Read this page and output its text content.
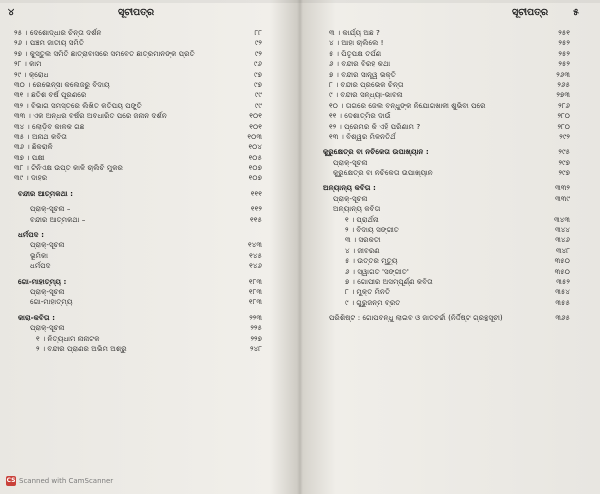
୪	ସୂଚୀପତ୍ର
୨୫ । ଦେଶୋଦ୍ଧାର ଚିନ୍ତା ଦର୍ଶନ	୮୮
୨୬ । ପଞ୍ଚମ ଜାତୀୟ ସମିତି	୯୨
୨୭ । କୁସ୍ତୁଲ ସମିତି ଛାତ୍ରାବାସରେ ସମବେତ ଛାତ୍ରମାନଙ୍କ ପ୍ରତି	୯୨
୨୮ । କାମ	୯୬
୨୯ । କ୍ରୋଧ	୯୭
୩୦ । ରେଭେନ୍ସା କଲେଜରୁ ବିଦାୟ	୯୭
୩୧ । ଛତିଶ ବର୍ଷ ପୂରଣରେ	୯୯
୩୨ । ବିଭାଗ ସମସ୍ତରେ ଲିଖିତ କତିପୟ ପଙ୍କ୍ତି	୯୯
୩୩ । ଏକ ଅନ୍ଧର ବର୍ଷର ଅବଧାରିତ ପରେ ଜନାନ ଦର୍ଶନ	୧୦୧
୩୪ । ଲୋଡ଼ିବ କାଳକ ଗଛ	୧୦୧
୩୫ । ଅନାଥ କବିତା	୧୦୩
୩୬ । ଛିକରାଳି	୧୦୪
୩୭ । ପକ୍ଷୀ	୧୦୫
୩୮ । ଟିନିଏକ୍ଷ ଉପ୍ତ କାଳି ଚାଲିଚି ମୁକର	୧୦୭
୩୯ । ଦାହର	୧୦୭
ବନ୍ଦୀର ଆତ୍ମକଥା :	୧୧୧
ପ୍ରାକ୍-ସୂଚନା –	୧୧୨
ବନ୍ଦୀର ଆତ୍ମକଥା –	୧୧୫
ଧର୍ମପଦ :
ପ୍ରାକ୍-ସୂଚନା	୧୪୩
ଭୂମିକା	୧୪୫
ଧର୍ମପଦ	୧୪୬
ଗୋ-ମାହାତ୍ମ୍ୟ :	୧୮୩
ପ୍ରାକ୍-ସୂଚନା	୧୮୩
ଗୋ-ମାହାତ୍ମ୍ୟ	୧୮୩
କାରା-କବିତା :	୨୨୩
ପ୍ରାକ୍-ସୂଚନା	୨୨୫
୧ । ନିତ୍ୟଧାମ ନାନାଟକ	୨୨୭
୨ । ବନ୍ଦୀର ପ୍ରାଣର ଅଭିମ ଅଶ୍ରୁ	୨୪୮
ସୂଚୀପତ୍ର	୫
୩ । କାର୍ଯ୍ୟ ଅଛ ?	୨୫୧
୪ । ଆହା ଚାଲିଲେ !	୨୫୨
୫ । ପିତୃପକ୍ଷ ତର୍ପଣ	୨୫୨
୬ । ବନ୍ଦୀର ବିରହ କଥା	୨୫୨
୭ । ବନ୍ଦୀର ସାନ୍ତ୍ୱ ଭକ୍ତି	୨୬୩
୮ । ବନ୍ଦୀର ପ୍ରଭେକ ଚିନ୍ତା	୨୬୫
୯ । ବନ୍ଦୀର ସନ୍ଧ୍ୟା-ଭାବନା	୨୭୩
୧୦ । ତାଗରେ ଜେଲ ବନ୍ଧୁଙ୍କ ନିଯୋଗଖାଳୀ ଶୁଭିବା ପରେ	୨୮୬
୧୧ । ଦେଶାତ୍ମିର ଦାଉଁ	୨୮୦
୧୨ । ପ୍ରେମର କି ଏହି ପରିଣାମ ?	୨୮୦
୧୩ । ବିଶ୍ୱର ମିଳନତିର୍ଥ	୨୯୨
କୁରୁକ୍ଷେତ୍ର ବା ନଚିକେତା ଉପାଖ୍ୟାନ :	୨୯୫
ପ୍ରାକ୍-ସୂଚନା	୨୯୭
କୁରୁକ୍ଷେତ୍ର ବା ନଚିକେତା ଉପାଖ୍ୟାନ	୨୯୭
ଅନ୍ୟାନ୍ୟ କବିତା :	୩୩୨
ପ୍ରାକ୍-ସୂଚନା	୩୩୯
ଅନ୍ୟାନ୍ୟ କବିତା
୧ । ପ୍ରାର୍ଥନା	୩୪୩
୨ । ବିଦାୟ ସଙ୍ଗୀତ	୩୪୪
୩ । ସରକତୀ	୩୪୬
୪ । ଜୀବରଣ	୩୪୮
୫ । ଉତ୍ତର ମୃତ୍ୟୁ	୩୫୦
୬ । ସ୍ୱାଗତ 'ସଙ୍ଗୀତ'	୩୫୦
୭ । ଗୋପୀର ଅସମ୍ପୂର୍ଣ୍ଣ କବିତା	୩୫୨
୮ । ମୁକ୍ତ ମିନତି	୩୫୪
୯ । ଗୁରୁଜନ୍ମ ବ୍ରତ	୩୫୫
ପରିଶିଷ୍ଟ : ଗୋପବନ୍ଧୁ ଲାଇବ ଓ ଜାତଚର୍ଚ୍ଚା (ନିର୍ଦ୍ଦିଷ୍ଟ ଗ୍ରନ୍ଥସୂଚୀ)	୩୬୫
CS Scanned with CamScanner
